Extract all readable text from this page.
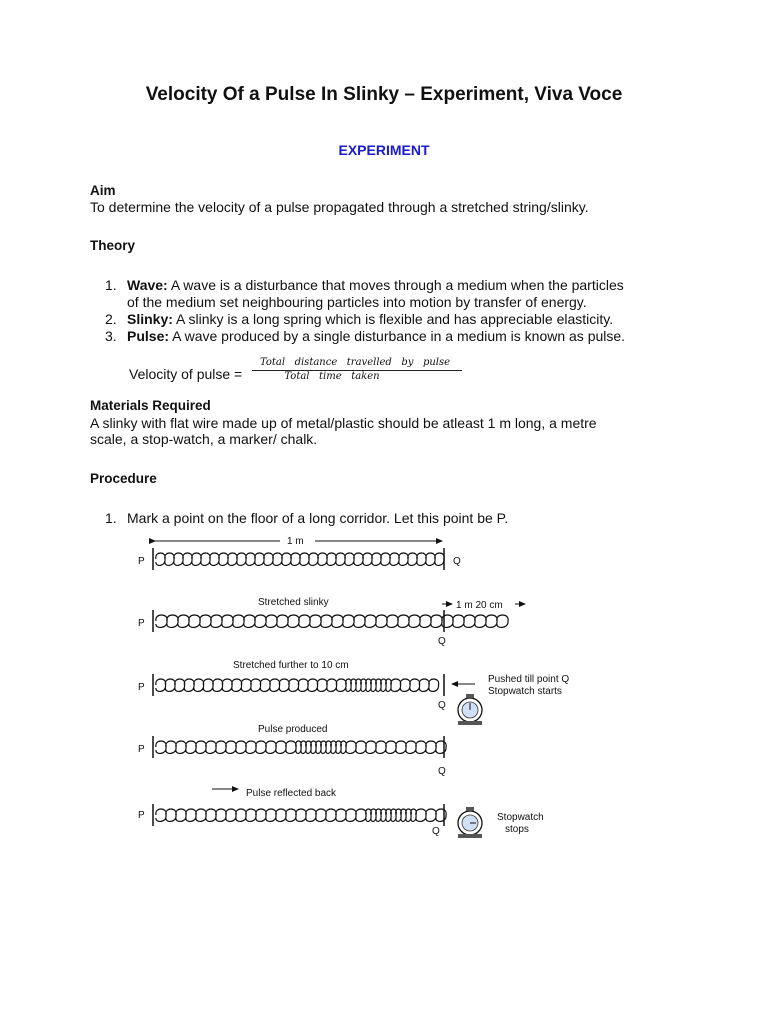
Velocity Of a Pulse In Slinky – Experiment, Viva Voce
EXPERIMENT
Aim
To determine the velocity of a pulse propagated through a stretched string/slinky.
Theory
1. Wave: A wave is a disturbance that moves through a medium when the particles
of the medium set neighbouring particles into motion by transfer of energy.
2. Slinky: A slinky is a long spring which is flexible and has appreciable elasticity.
3. Pulse: A wave produced by a single disturbance in a medium is known as pulse.
Velocity of pulse =
Total   distance   travelled   by   pulse
Total   time   taken
Materials Required
A slinky with flat wire made up of metal/plastic should be atleast 1 m long, a metre
scale, a stop-watch, a marker/ chalk.
Procedure
1. Mark a point on the floor of a long corridor. Let this point be P.
P
P
P
P
P
Q
Q
Q
Q
Q
1 m
Stretched slinky	1 m 20 cm
Stretched further to 10 cm
Pushed till point Q
Stopwatch starts
Pulse produced
Pulse reflected back
Stopwatch
stops
